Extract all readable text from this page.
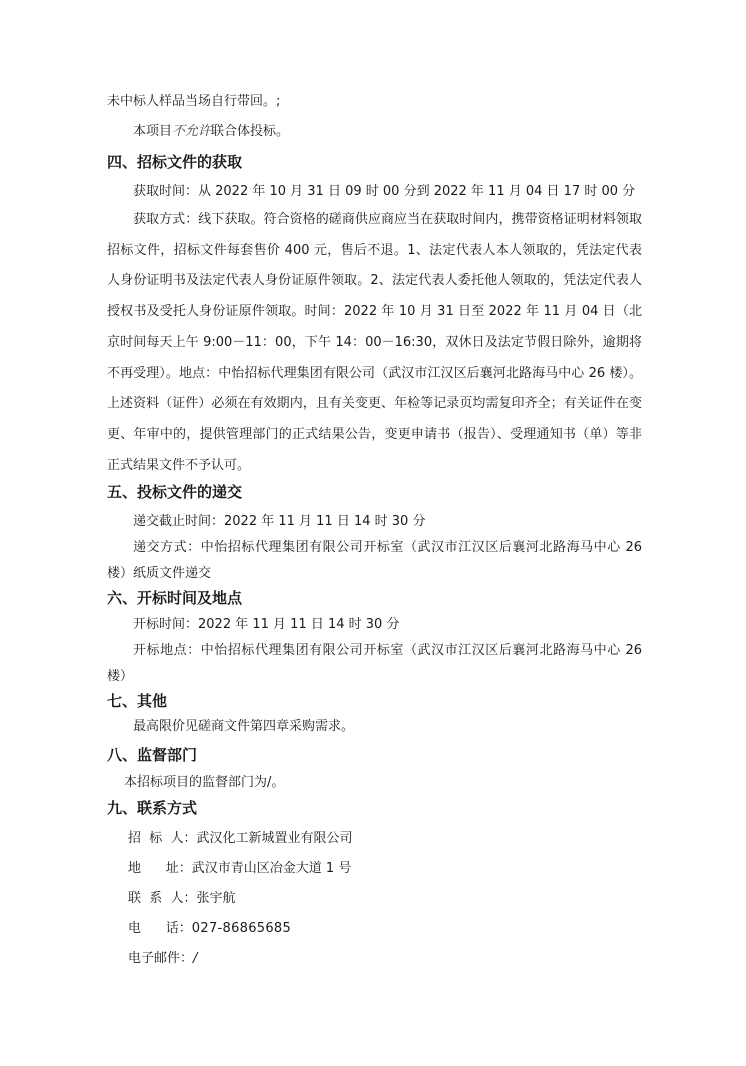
未中标人样品当场自行带回。;
本项目不允许联合体投标。
四、招标文件的获取
获取时间：从 2022 年 10 月 31 日 09 时 00 分到 2022 年 11 月 04 日 17 时 00 分
获取方式：线下获取。符合资格的磋商供应商应当在获取时间内，携带资格证明材料领取招标文件，招标文件每套售价 400 元，售后不退。1、法定代表人本人领取的，凭法定代表人身份证明书及法定代表人身份证原件领取。2、法定代表人委托他人领取的，凭法定代表人授权书及受托人身份证原件领取。时间：2022 年 10 月 31 日至 2022 年 11 月 04 日（北京时间每天上午 9:00－11：00，下午 14：00－16:30，双休日及法定节假日除外，逾期将不再受理）。地点：中怡招标代理集团有限公司（武汉市江汉区后襄河北路海马中心 26 楼）。上述资料（证件）必须在有效期内，且有关变更、年检等记录页均需复印齐全；有关证件在变更、年审中的，提供管理部门的正式结果公告，变更申请书（报告）、受理通知书（单）等非正式结果文件不予认可。
五、投标文件的递交
递交截止时间：2022 年 11 月 11 日 14 时 30 分
递交方式：中怡招标代理集团有限公司开标室（武汉市江汉区后襄河北路海马中心 26 楼）纸质文件递交
六、开标时间及地点
开标时间：2022 年 11 月 11 日 14 时 30 分
开标地点：中怡招标代理集团有限公司开标室（武汉市江汉区后襄河北路海马中心 26 楼）
七、其他
最高限价见磋商文件第四章采购需求。
八、监督部门
本招标项目的监督部门为/。
九、联系方式
招  标  人：武汉化工新城置业有限公司
地      址：武汉市青山区冶金大道 1 号
联  系  人：张宇航
电      话：027-86865685
电子邮件：/
